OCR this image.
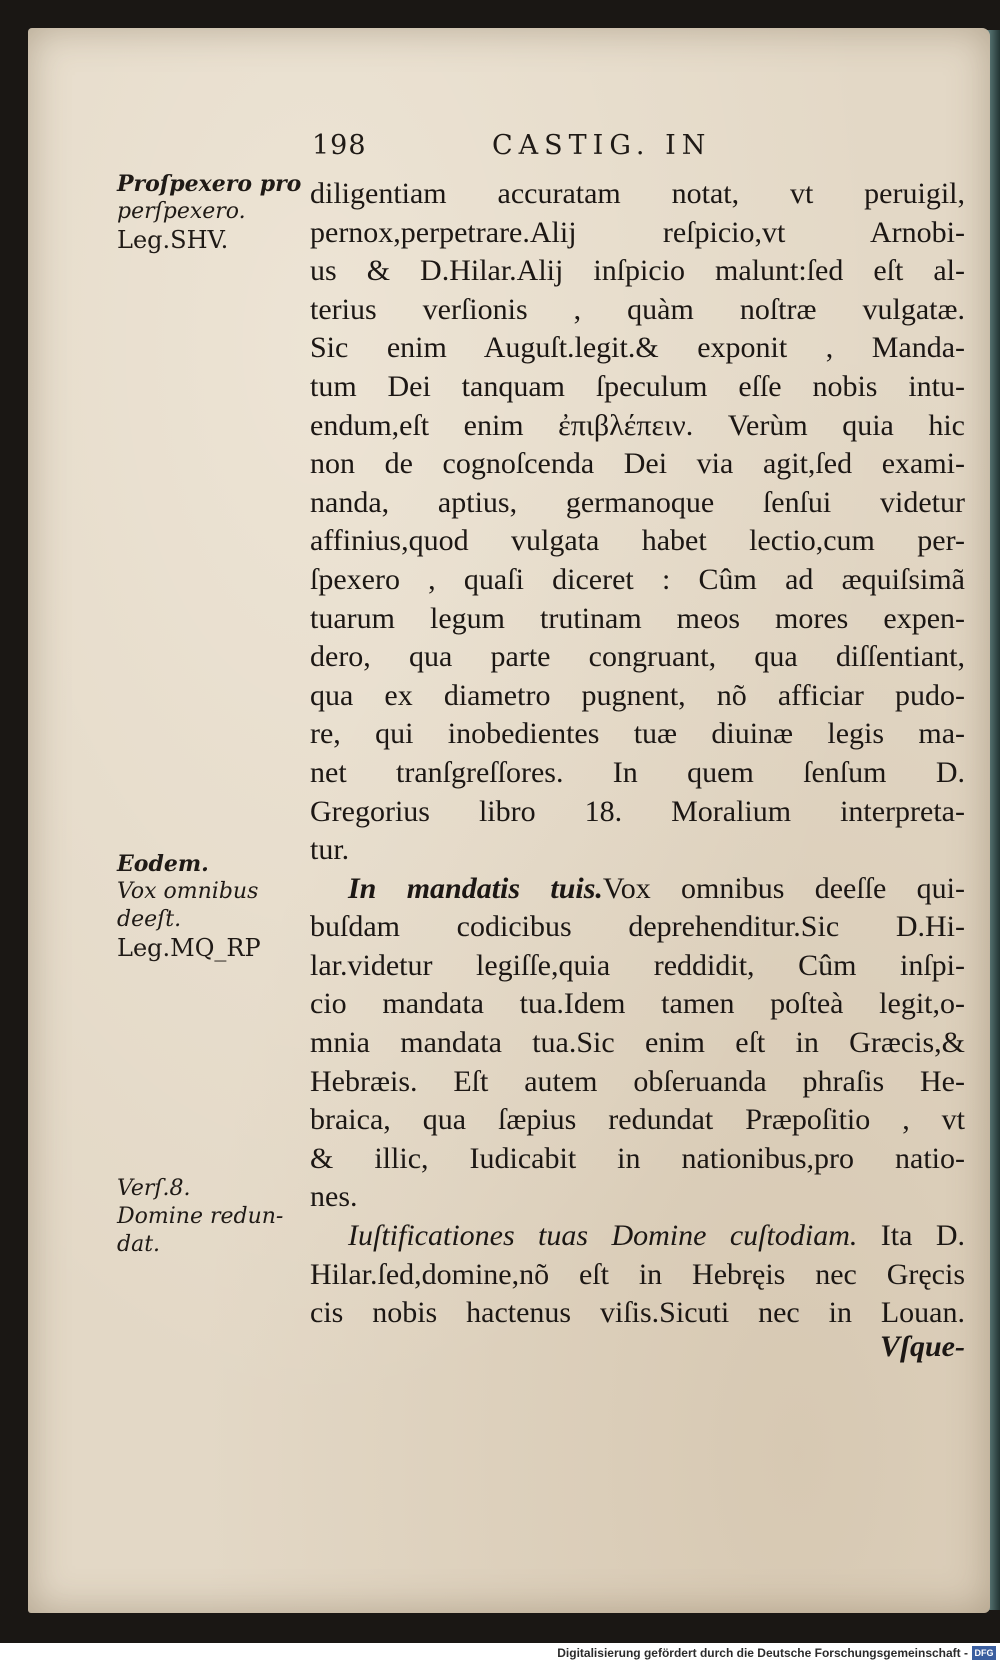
198	CASTIG. IN
Proſpexero pro
perſpexero.
Leg.SHV.
Eodem.
Vox omnibus
deeſt.
Leg.MQ_RP
Verſ.8.
Domine redun-
dat.
diligentiam accuratam notat, vt peruigil,
pernox,perpetrare.Alij reſpicio,vt Arnobi-
us & D.Hilar.Alij inſpicio malunt:ſed eſt al-
terius verſionis , quàm noſtræ vulgatæ.
Sic enim Auguſt.legit.& exponit , Manda-
tum Dei tanquam ſpeculum eſſe nobis intu-
endum,eſt enim ἐπιβλέπειν. Verùm quia hic
non de cognoſcenda Dei via agit,ſed exami-
nanda, aptius, germanoque ſenſui videtur
affinius,quod vulgata habet lectio,cum per-
ſpexero , quaſi diceret : Cûm ad æquiſsimã
tuarum legum trutinam meos mores expen-
dero, qua parte congruant, qua diſſentiant,
qua ex diametro pugnent, nõ afficiar pudo-
re, qui inobedientes tuæ diuinæ legis ma-
net tranſgreſſores. In quem ſenſum D.
Gregorius libro 18. Moralium interpreta-
tur.
In mandatis tuis.Vox omnibus deeſſe qui-
buſdam codicibus deprehenditur.Sic D.Hi-
lar.videtur legiſſe,quia reddidit, Cûm inſpi-
cio mandata tua.Idem tamen poſteà legit,o-
mnia mandata tua.Sic enim eſt in Græcis,&
Hebræis. Eſt autem obſeruanda phraſis He-
braica, qua ſæpius redundat Præpoſitio , vt
& illic, Iudicabit in nationibus,pro natio-
nes.
Iuſtificationes tuas Domine cuſtodiam. Ita D.
Hilar.ſed,domine,nõ eſt in Hebręis nec Gręcis
cis nobis hactenus viſis.Sicuti nec in Louan.
Vſque-
Digitalisierung gefördert durch die Deutsche Forschungsgemeinschaft - DFG
